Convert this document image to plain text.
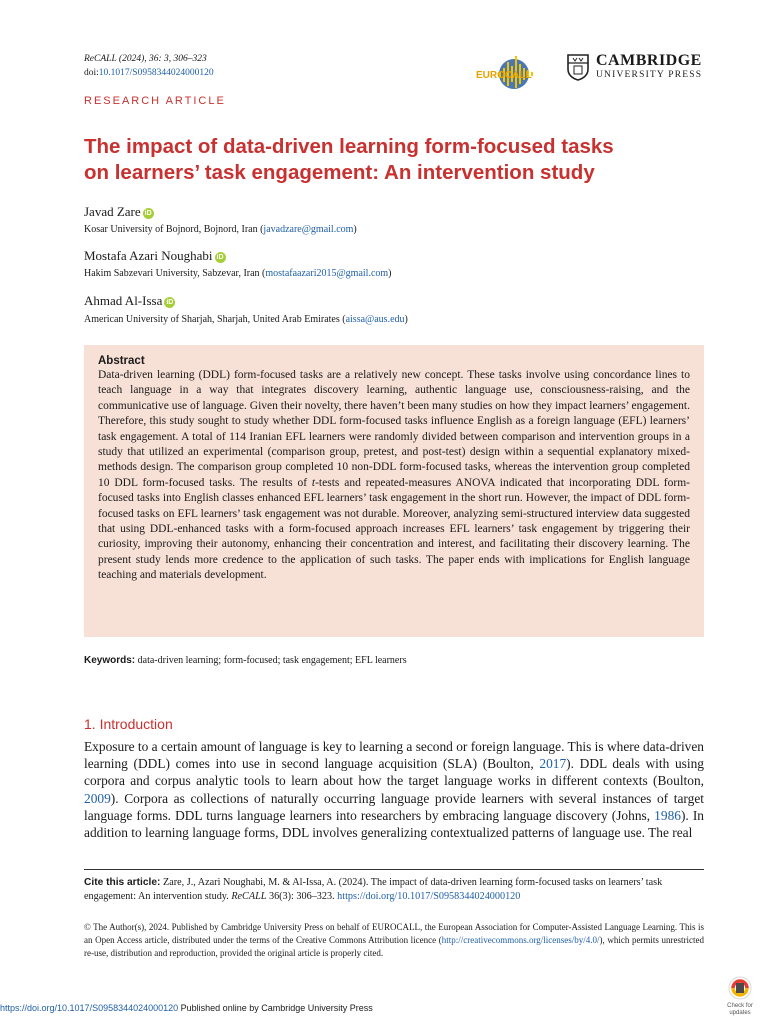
ReCALL (2024), 36: 3, 306–323
doi:10.1017/S0958344024000120	EUROCALL
CAMBRIDGE
UNIVERSITY PRESS
RESEARCH ARTICLE
The impact of data-driven learning form-focused tasks
on learners’ task engagement: An intervention study
Javad Zare iD
Kosar University of Bojnord, Bojnord, Iran (javadzare@gmail.com)
Mostafa Azari Noughabi iD
Hakim Sabzevari University, Sabzevar, Iran (mostafaazari2015@gmail.com)
Ahmad Al-Issa iD
American University of Sharjah, Sharjah, United Arab Emirates (aissa@aus.edu)
Abstract
Data-driven learning (DDL) form-focused tasks are a relatively new concept. These tasks involve using concordance lines to teach language in a way that integrates discovery learning, authentic language use, consciousness-raising, and the communicative use of language. Given their novelty, there haven’t been many studies on how they impact learners’ engagement. Therefore, this study sought to study whether DDL form-focused tasks influence English as a foreign language (EFL) learners’ task engagement. A total of 114 Iranian EFL learners were randomly divided between comparison and intervention groups in a study that utilized an experimental (comparison group, pretest, and post-test) design within a sequential explanatory mixed-methods design. The comparison group completed 10 non-DDL form-focused tasks, whereas the intervention group completed 10 DDL form-focused tasks. The results of t-tests and repeated-measures ANOVA indicated that incorporating DDL form-focused tasks into English classes enhanced EFL learners’ task engagement in the short run. However, the impact of DDL form-focused tasks on EFL learners’ task engagement was not durable. Moreover, analyzing semi-structured interview data suggested that using DDL-enhanced tasks with a form-focused approach increases EFL learners’ task engagement by triggering their curiosity, improving their autonomy, enhancing their concentration and interest, and facilitating their discovery learning. The present study lends more credence to the application of such tasks. The paper ends with implications for English language teaching and materials development.
Keywords: data-driven learning; form-focused; task engagement; EFL learners
1. Introduction
Exposure to a certain amount of language is key to learning a second or foreign language. This is where data-driven learning (DDL) comes into use in second language acquisition (SLA) (Boulton, 2017). DDL deals with using corpora and corpus analytic tools to learn about how the target language works in different contexts (Boulton, 2009). Corpora as collections of naturally occurring language provide learners with several instances of target language forms. DDL turns language learners into researchers by embracing language discovery (Johns, 1986). In addition to learning language forms, DDL involves generalizing contextualized patterns of language use. The real
Cite this article: Zare, J., Azari Noughabi, M. & Al-Issa, A. (2024). The impact of data-driven learning form-focused tasks on learners’ task engagement: An intervention study. ReCALL 36(3): 306–323. https://doi.org/10.1017/S0958344024000120
© The Author(s), 2024. Published by Cambridge University Press on behalf of EUROCALL, the European Association for Computer-Assisted Language Learning. This is an Open Access article, distributed under the terms of the Creative Commons Attribution licence (http://creativecommons.org/licenses/by/4.0/), which permits unrestricted re-use, distribution and reproduction, provided the original article is properly cited.
https://doi.org/10.1017/S0958344024000120 Published online by Cambridge University Press	Check for
updates
